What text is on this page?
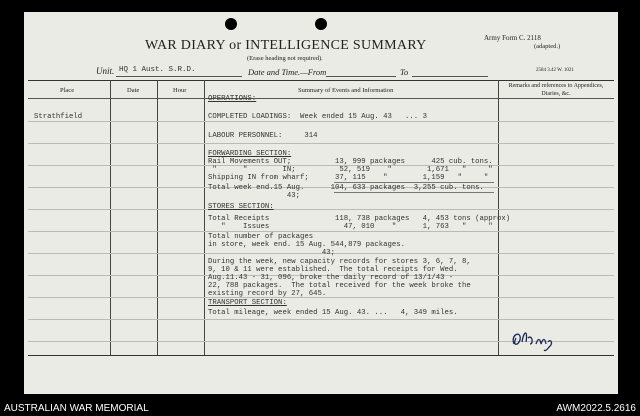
Army Form C. 2118
(adapted.)
WAR DIARY or INTELLIGENCE SUMMARY
(Erase heading not required).
Unit. HQ 1 Aust. S.R.D.	Date and Time.—From	To	2584 3.42 W. 1021
Place	Date	Hour	Summary of Events and Information
Remarks and references to Appendices, Diaries, &c.
Strathfield
OPERATIONS:
COMPLETED LOADINGS:  Week ended 15 Aug. 43   ... 3
LABOUR PERSONNEL:     314
FORWARDING SECTION:
Rail Movements OUT;          13, 999 packages      425 cub. tons.
"      "        IN;          52, 519    "        1,671   "     "
Shipping IN from wharf;      37, 115    "        1,159   "     "
Total week end.15 Aug.      104, 633 packages  3,255 cub. tons.
43;
STORES SECTION:
Total Receipts               118, 738 packages   4, 453 tons (approx)
"    Issues                 47, 010    "      1, 763   "     "
Total number of packages
in store, week end. 15 Aug. 544,879 packages.
43;
During the week, new capacity records for stores 3, 6, 7, 8,
9, 10 & 11 were established.  The total receipts for Wed.
Aug.11.43 - 31, 096, broke the daily record of 13/1/43 -
22, 788 packages.  The total received for the week broke the
existing record by 27, 645.
TRANSPORT SECTION:
Total mileage, week ended 15 Aug. 43. ...   4, 349 miles.
AUSTRALIAN WAR MEMORIAL	AWM2022.5.2616
